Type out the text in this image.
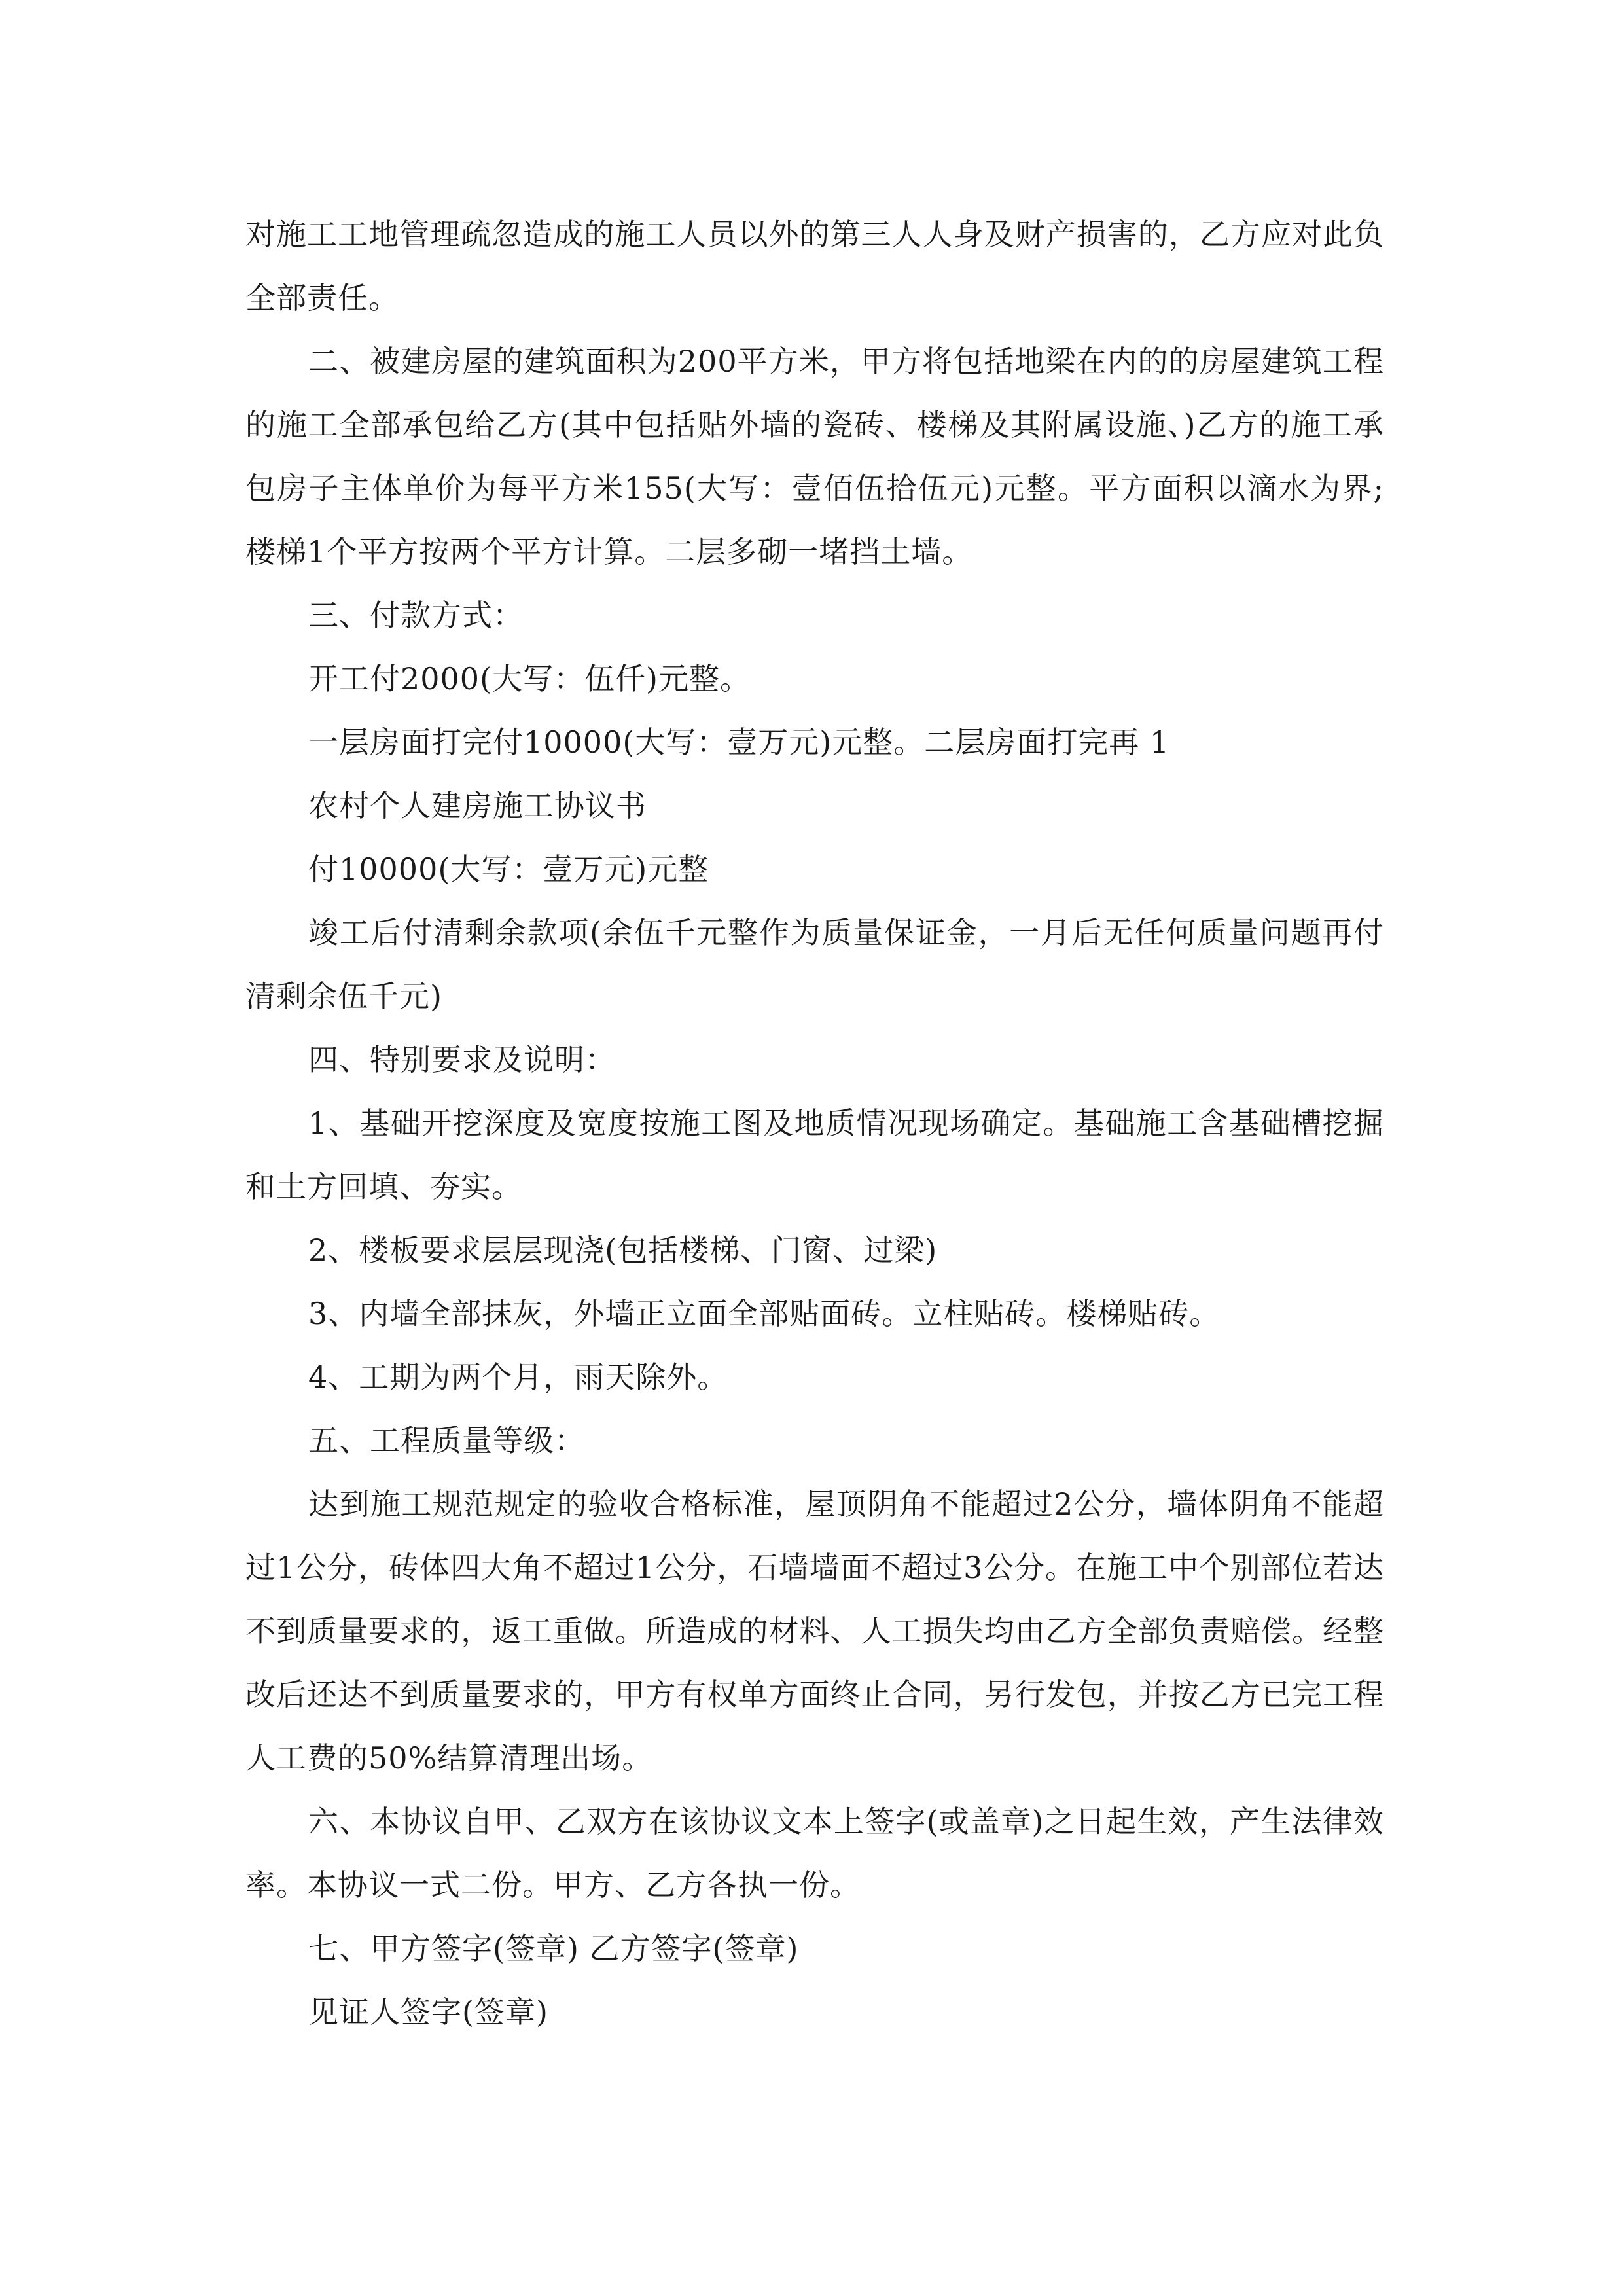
对施工工地管理疏忽造成的施工人员以外的第三人人身及财产损害的，乙方应对此负全部责任。

二、被建房屋的建筑面积为200平方米，甲方将包括地梁在内的的房屋建筑工程的施工全部承包给乙方(其中包括贴外墙的瓷砖、楼梯及其附属设施、)乙方的施工承包房子主体单价为每平方米155(大写：壹佰伍拾伍元)元整。平方面积以滴水为界;楼梯1个平方按两个平方计算。二层多砌一堵挡土墙。

三、付款方式：

开工付2000(大写：伍仟)元整。

一层房面打完付10000(大写：壹万元)元整。二层房面打完再 1

农村个人建房施工协议书

付10000(大写：壹万元)元整

竣工后付清剩余款项(余伍千元整作为质量保证金，一月后无任何质量问题再付清剩余伍千元)

四、特别要求及说明：

1、基础开挖深度及宽度按施工图及地质情况现场确定。基础施工含基础槽挖掘和土方回填、夯实。

2、楼板要求层层现浇(包括楼梯、门窗、过梁)

3、内墙全部抹灰，外墙正立面全部贴面砖。立柱贴砖。楼梯贴砖。

4、工期为两个月，雨天除外。

五、工程质量等级：

达到施工规范规定的验收合格标准，屋顶阴角不能超过2公分，墙体阴角不能超过1公分，砖体四大角不超过1公分，石墙墙面不超过3公分。在施工中个别部位若达不到质量要求的，返工重做。所造成的材料、人工损失均由乙方全部负责赔偿。经整改后还达不到质量要求的，甲方有权单方面终止合同，另行发包，并按乙方已完工程人工费的50%结算清理出场。

六、本协议自甲、乙双方在该协议文本上签字(或盖章)之日起生效，产生法律效率。本协议一式二份。甲方、乙方各执一份。

七、甲方签字(签章) 乙方签字(签章)

见证人签字(签章)
